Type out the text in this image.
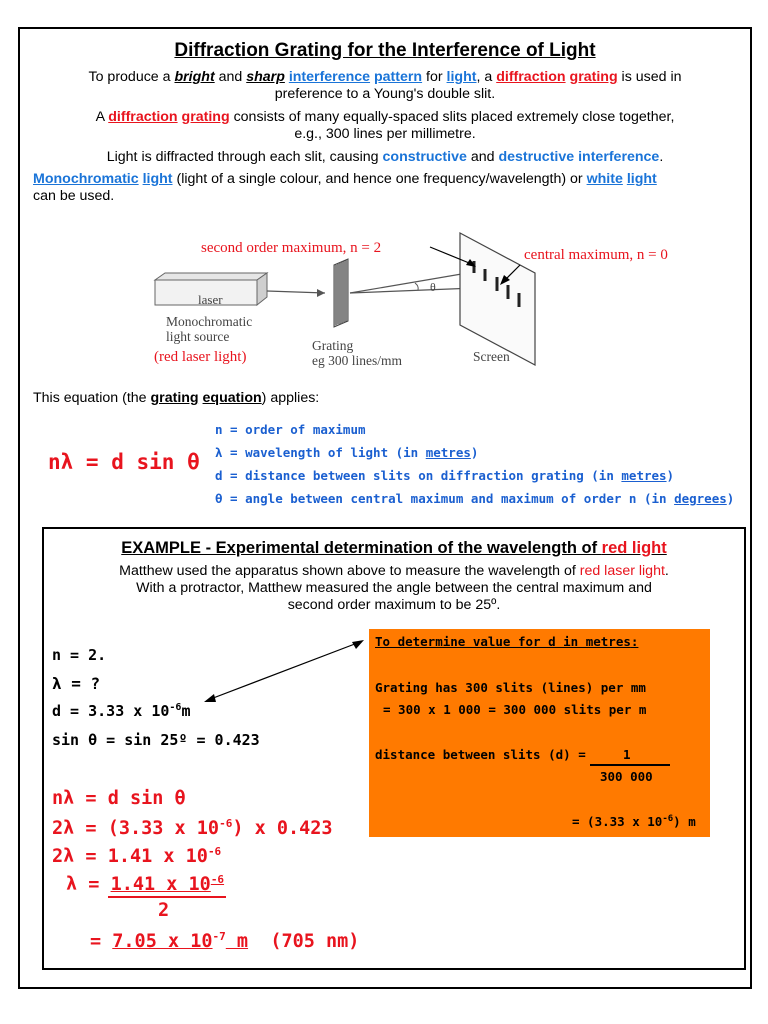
Diffraction Grating for the Interference of Light
To produce a bright and sharp interference pattern for light, a diffraction grating is used in
preference to a Young's double slit.
A diffraction grating consists of many equally-spaced slits placed extremely close together,
e.g., 300 lines per millimetre.
Light is diffracted through each slit, causing constructive and destructive interference.
Monochromatic light (light of a single colour, and hence one frequency/wavelength) or white light
can be used.
second order maximum, n = 2	central maximum, n = 0
laser
Monochromatic
light source
(red laser light)
Grating
eg 300 lines/mm	Screen
θ
This equation (the grating equation) applies:
nλ = d sin θ
n = order of maximum
λ = wavelength of light (in metres)
d = distance between slits on diffraction grating (in metres)
θ = angle between central maximum and maximum of order n (in degrees)
EXAMPLE - Experimental determination of the wavelength of red light
Matthew used the apparatus shown above to measure the wavelength of red laser light.
With a protractor, Matthew measured the angle between the central maximum and
second order maximum to be 25º.
n = 2.
λ = ?
d = 3.33 x $10^{-6}m$
sin θ = sin 25º = 0.423
nλ = d sin θ
2λ = (3.33 x $10^{-6}$) x 0.423
2λ = 1.41 x $10^{-6}$
λ = 1.41 x $10^{-6}$
2
= 7.05 x $10^{-7}$ m (705 nm)
To determine value for d in metres:
Grating has 300 slits (lines) per mm
= 300 x 1 000 = 300 000 slits per m
distance between slits (d) =	1
300 000
= (3.33 x $10^{-6}$) m
